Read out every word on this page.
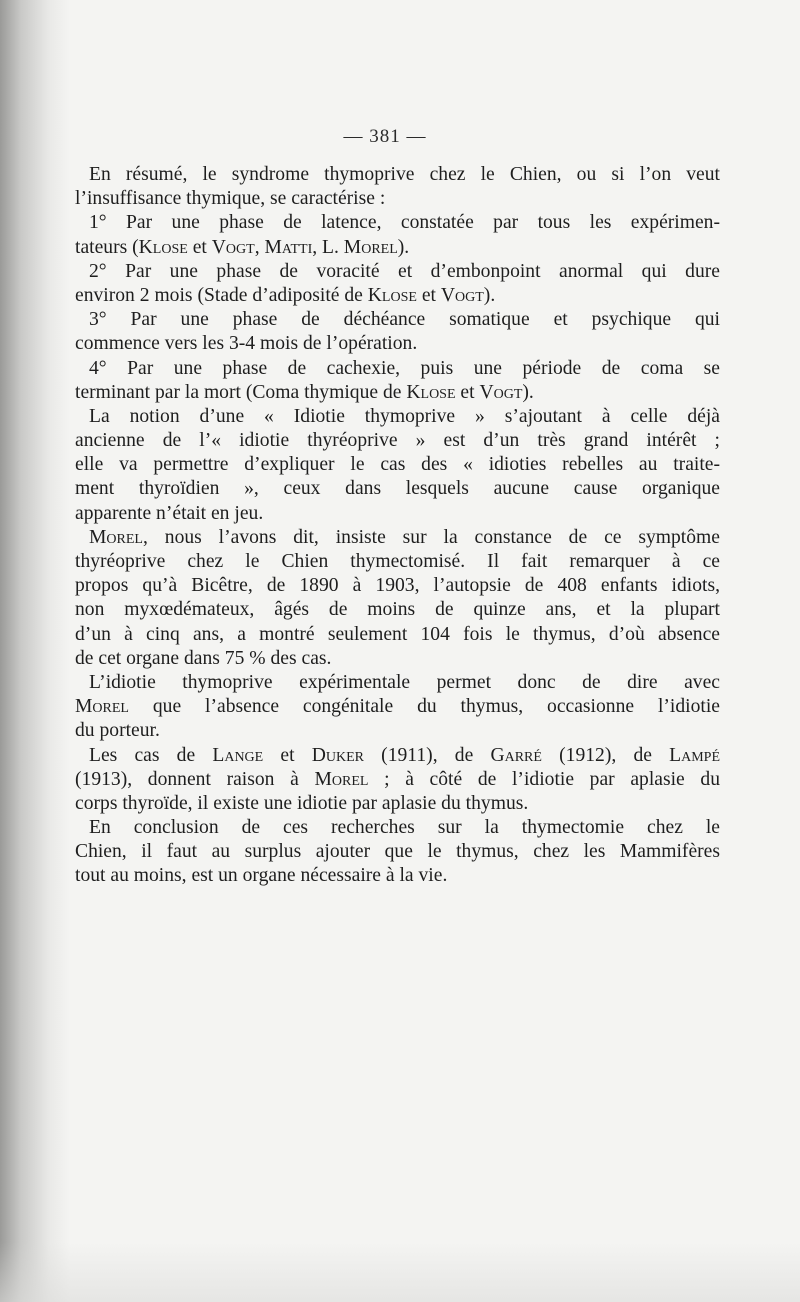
— 381 —
En résumé, le syndrome thymoprive chez le Chien, ou si l’on veut
l’insuffisance thymique, se caractérise :
1° Par une phase de latence, constatée par tous les expérimen-
tateurs (Klose et Vogt, Matti, L. Morel).
2° Par une phase de voracité et d’embonpoint anormal qui dure
environ 2 mois (Stade d’adiposité de Klose et Vogt).
3° Par une phase de déchéance somatique et psychique qui
commence vers les 3-4 mois de l’opération.
4° Par une phase de cachexie, puis une période de coma se
terminant par la mort (Coma thymique de Klose et Vogt).
La notion d’une « Idiotie thymoprive » s’ajoutant à celle déjà
ancienne de l’« idiotie thyréoprive » est d’un très grand intérêt ;
elle va permettre d’expliquer le cas des « idioties rebelles au traite-
ment thyroïdien », ceux dans lesquels aucune cause organique
apparente n’était en jeu.
Morel, nous l’avons dit, insiste sur la constance de ce symptôme
thyréoprive chez le Chien thymectomisé. Il fait remarquer à ce
propos qu’à Bicêtre, de 1890 à 1903, l’autopsie de 408 enfants idiots,
non myxœdémateux, âgés de moins de quinze ans, et la plupart
d’un à cinq ans, a montré seulement 104 fois le thymus, d’où absence
de cet organe dans 75 % des cas.
L’idiotie thymoprive expérimentale permet donc de dire avec
Morel que l’absence congénitale du thymus, occasionne l’idiotie
du porteur.
Les cas de Lange et Duker (1911), de Garré (1912), de Lampé
(1913), donnent raison à Morel ; à côté de l’idiotie par aplasie du
corps thyroïde, il existe une idiotie par aplasie du thymus.
En conclusion de ces recherches sur la thymectomie chez le
Chien, il faut au surplus ajouter que le thymus, chez les Mammifères
tout au moins, est un organe nécessaire à la vie.
